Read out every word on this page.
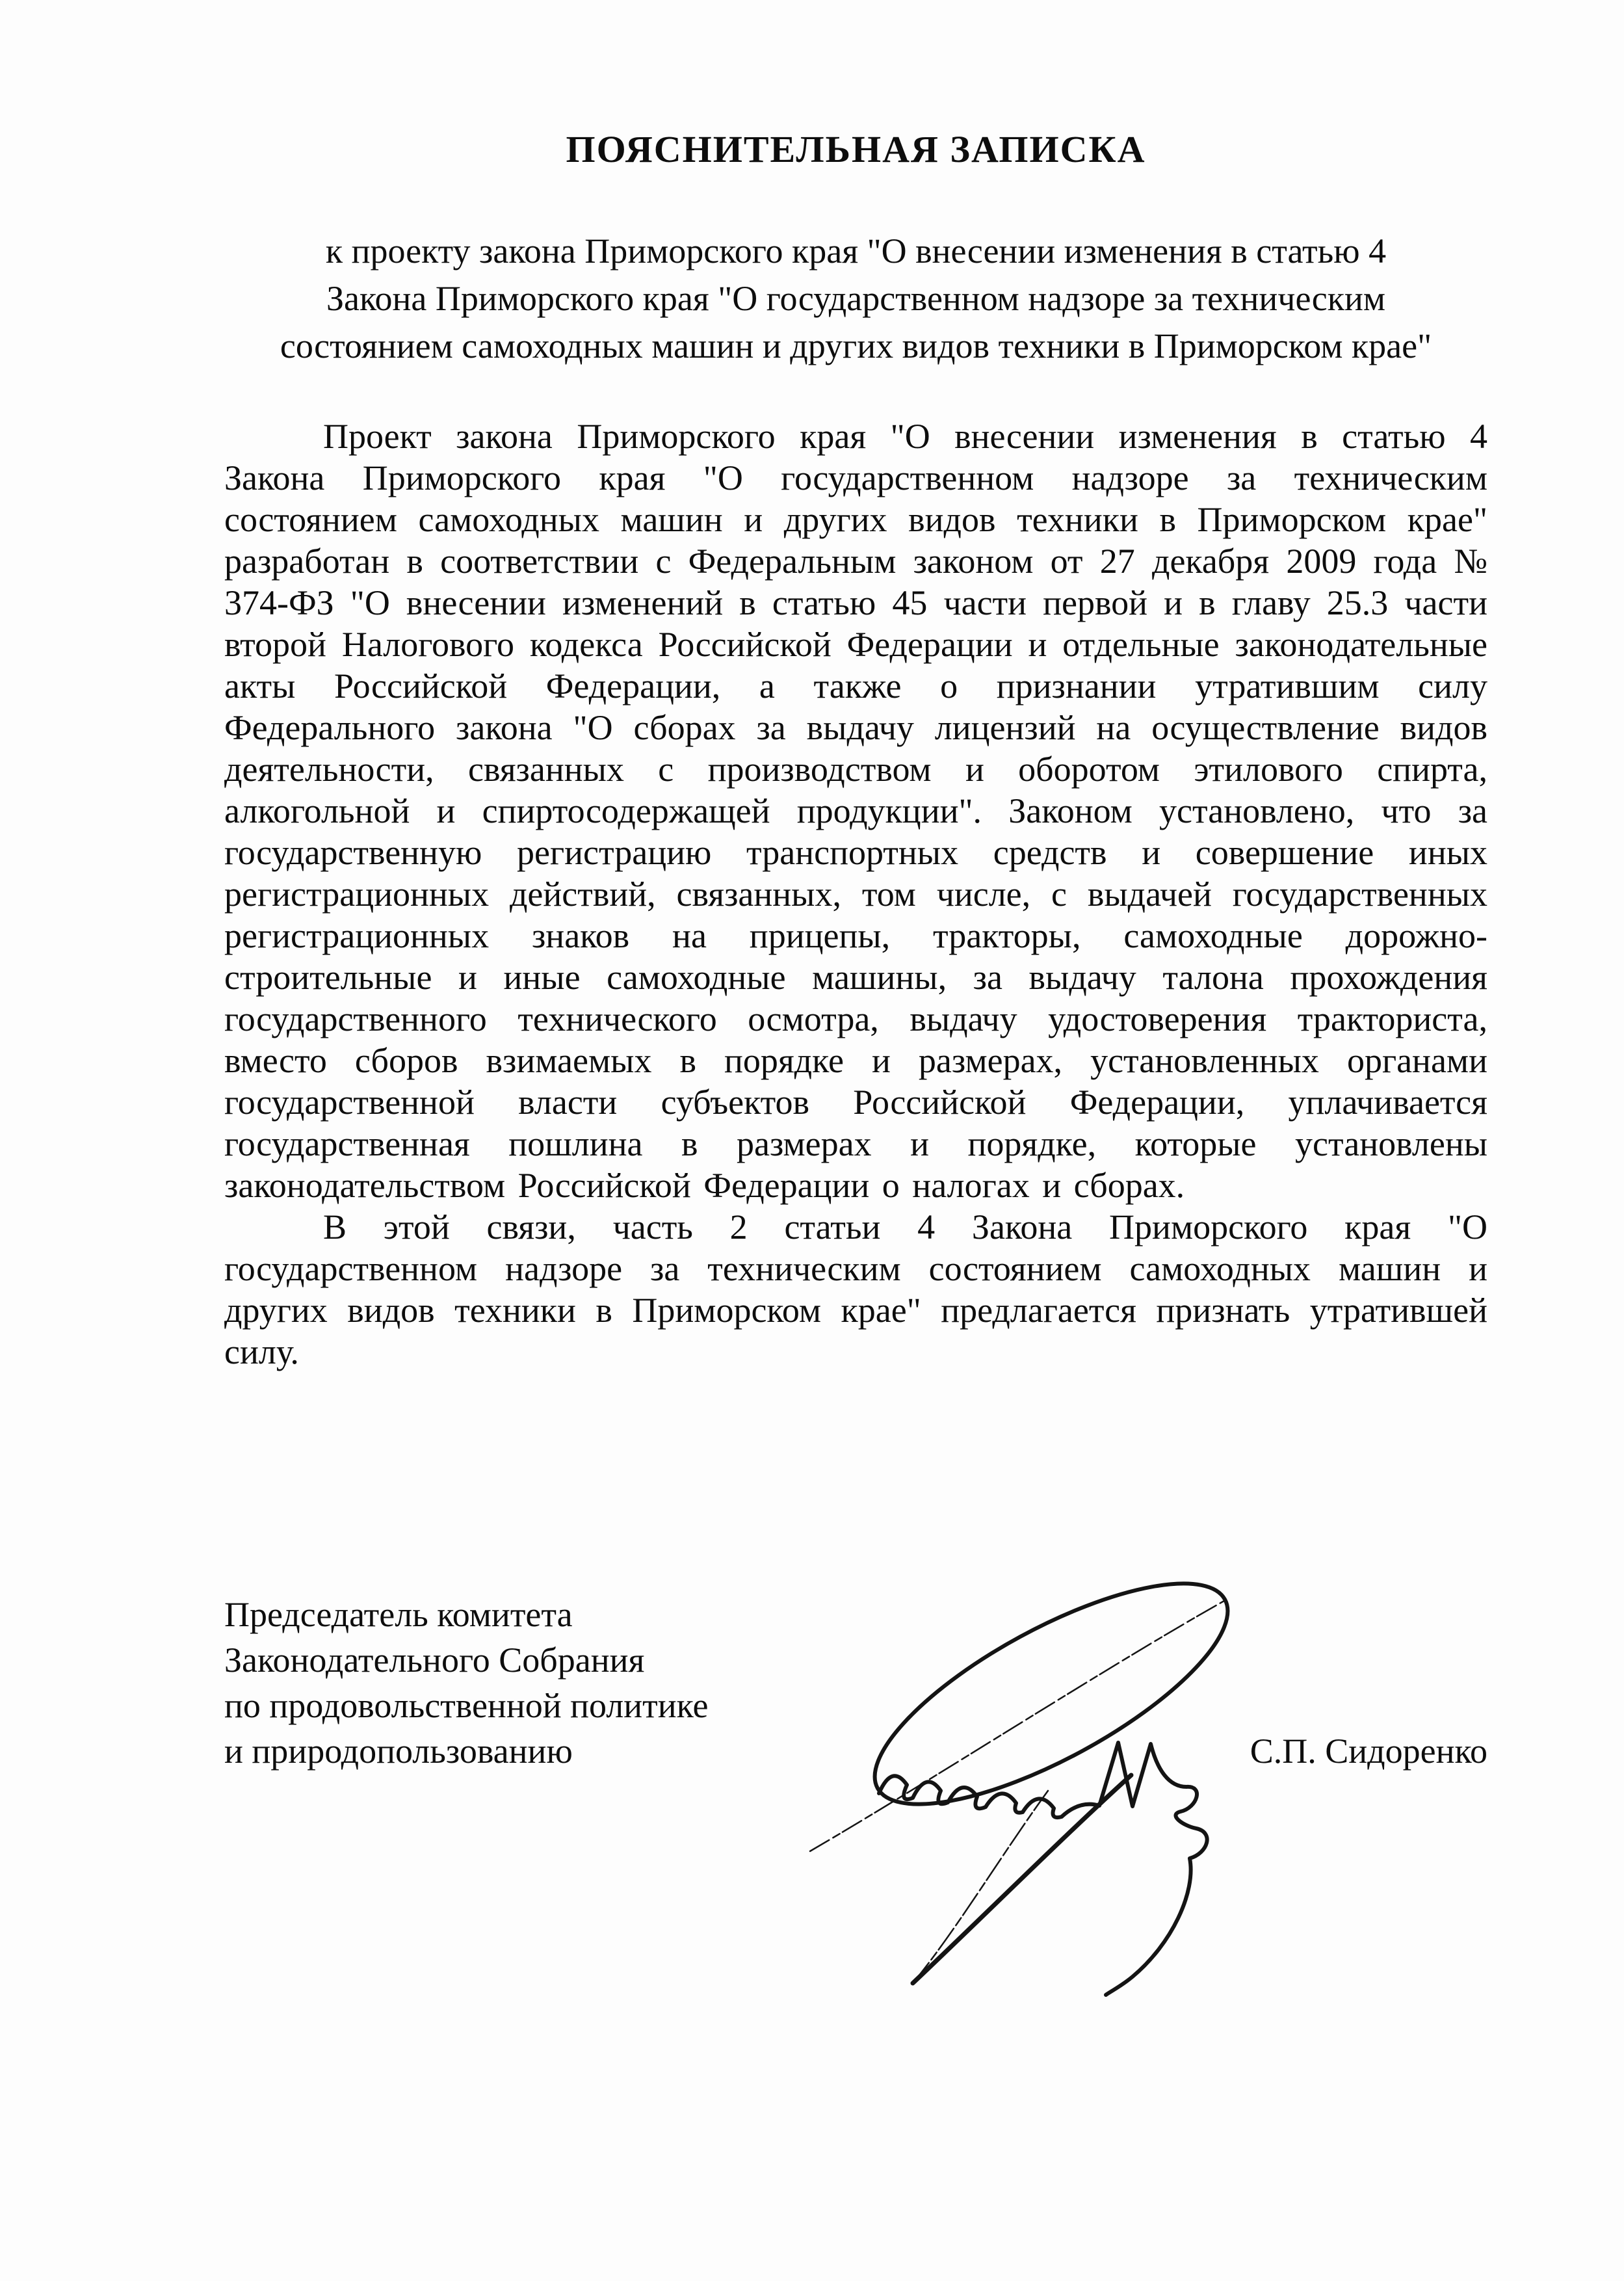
ПОЯСНИТЕЛЬНАЯ ЗАПИСКА
к проекту закона Приморского края "О внесении изменения в статью 4
Закона Приморского края "О государственном надзоре за техническим
состоянием самоходных машин и других видов техники в Приморском крае"

Проект закона Приморского края "О внесении изменения в статью 4 Закона Приморского края "О государственном надзоре за техническим состоянием самоходных машин и других видов техники в Приморском крае" разработан в соответствии с Федеральным законом от 27 декабря 2009 года № 374-ФЗ "О внесении изменений в статью 45 части первой и в главу 25.3 части второй Налогового кодекса Российской Федерации и отдельные законодательные акты Российской Федерации, а также о признании утратившим силу Федерального закона "О сборах за выдачу лицензий на осуществление видов деятельности, связанных с производством и оборотом этилового спирта, алкогольной и спиртосодержащей продукции". Законом установлено, что за государственную регистрацию транспортных средств и совершение иных регистрационных действий, связанных, том числе, с выдачей государственных регистрационных знаков на прицепы, тракторы, самоходные дорожно-строительные и иные самоходные машины, за выдачу талона прохождения государственного технического осмотра, выдачу удостоверения тракториста, вместо сборов взимаемых в порядке и размерах, установленных органами государственной власти субъектов Российской Федерации, уплачивается государственная пошлина в размерах и порядке, которые установлены законодательством Российской Федерации о налогах и сборах.

В этой связи, часть 2 статьи 4 Закона Приморского края "О государственном надзоре за техническим состоянием самоходных машин и других видов техники в Приморском крае" предлагается признать утратившей силу.

Председатель комитета
Законодательного Собрания
по продовольственной политике
и природопользованию	С.П. Сидоренко
